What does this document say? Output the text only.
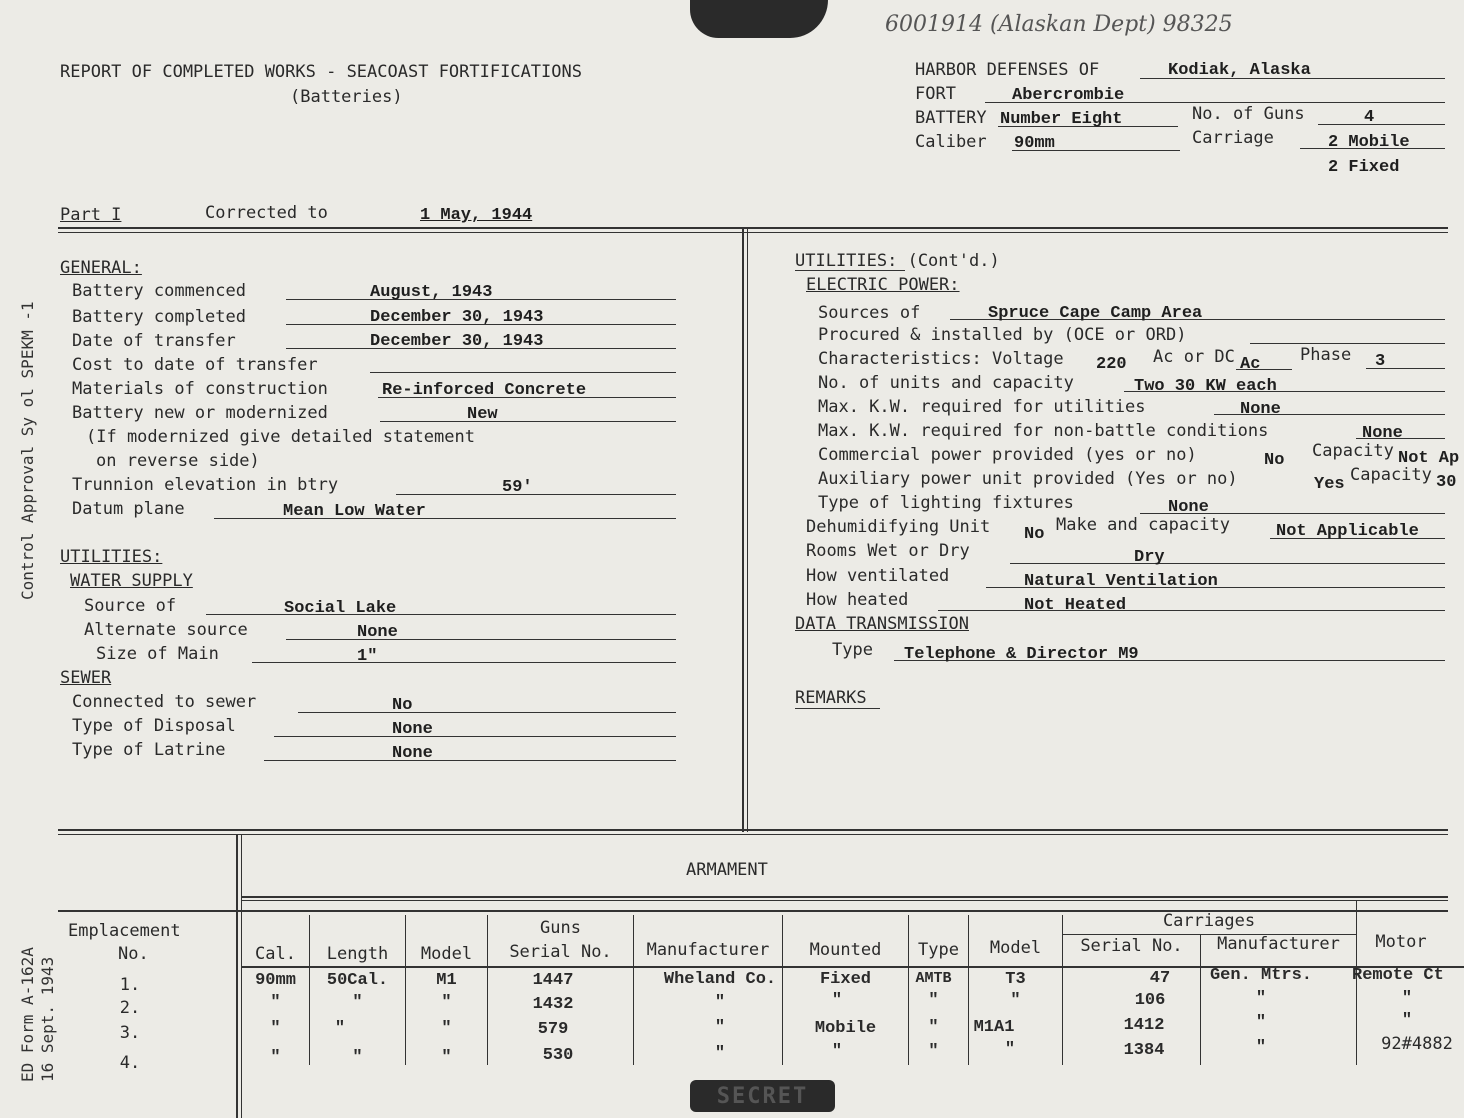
6001914 (Alaskan Dept) 98325
REPORT OF COMPLETED WORKS - SEACOAST FORTIFICATIONS
(Batteries)
HARBOR DEFENSES OF	Kodiak, Alaska
FORT	Abercrombie
BATTERY Number Eight	No. of Guns	4
Caliber 90mm	Carriage	2 Mobile
2 Fixed
Part I	Corrected to	1 May, 1944
Control Approval Sy ol SPEKM -1
ED Form A-162A 16 Sept. 1943
GENERAL:
Battery commenced	August, 1943
Battery completed	December 30, 1943
Date of transfer	December 30, 1943
Cost to date of transfer
Materials of construction	Re-inforced Concrete
Battery new or modernized	New
(If modernized give detailed statement
on reverse side)
Trunnion elevation in btry	59'
Datum plane	Mean Low Water
UTILITIES:
WATER SUPPLY
Source of	Social Lake
Alternate source	None
Size of Main	1"
SEWER
Connected to sewer	No
Type of Disposal	None
Type of Latrine	None
UTILITIES: (Cont'd.)
ELECTRIC POWER:
Sources of	Spruce Cape Camp Area
Procured & installed by (OCE or ORD)
Characteristics: Voltage 220 Ac or DC Ac Phase 3
No. of units and capacity	Two 30 KW each
Max. K.W. required for utilities	None
Max. K.W. required for non-battle conditions	None
Commercial power provided (yes or no)	No Capacity Not Ap
Auxiliary power unit provided (Yes or no)	Yes Capacity 30
Type of lighting fixtures	None
Dehumidifying Unit No Make and capacity	Not Applicable
Rooms Wet or Dry	Dry
How ventilated	Natural Ventilation
How heated	Not Heated
DATA TRANSMISSION
Type Telephone & Director M9
REMARKS
ARMAMENT
Guns	Carriages
Emplacement
No.	Cal.	Length	Model	Serial No.	Manufacturer	Mounted	Type	Model	Serial No.	Manufacturer	Motor
1.	90mm	50Cal.	M1	1447	Wheland Co.	Fixed	AMTB	T3	47	Gen. Mtrs.	Remote Ct
2.	"	"	"	1432	"	"	"	"	106	"	"
3.	"	"	"	579	"	Mobile	"	M1A1	1412	"	"
4.	"	"	"	530	"	"	"	"	1384	"	92#4882
SECRET
